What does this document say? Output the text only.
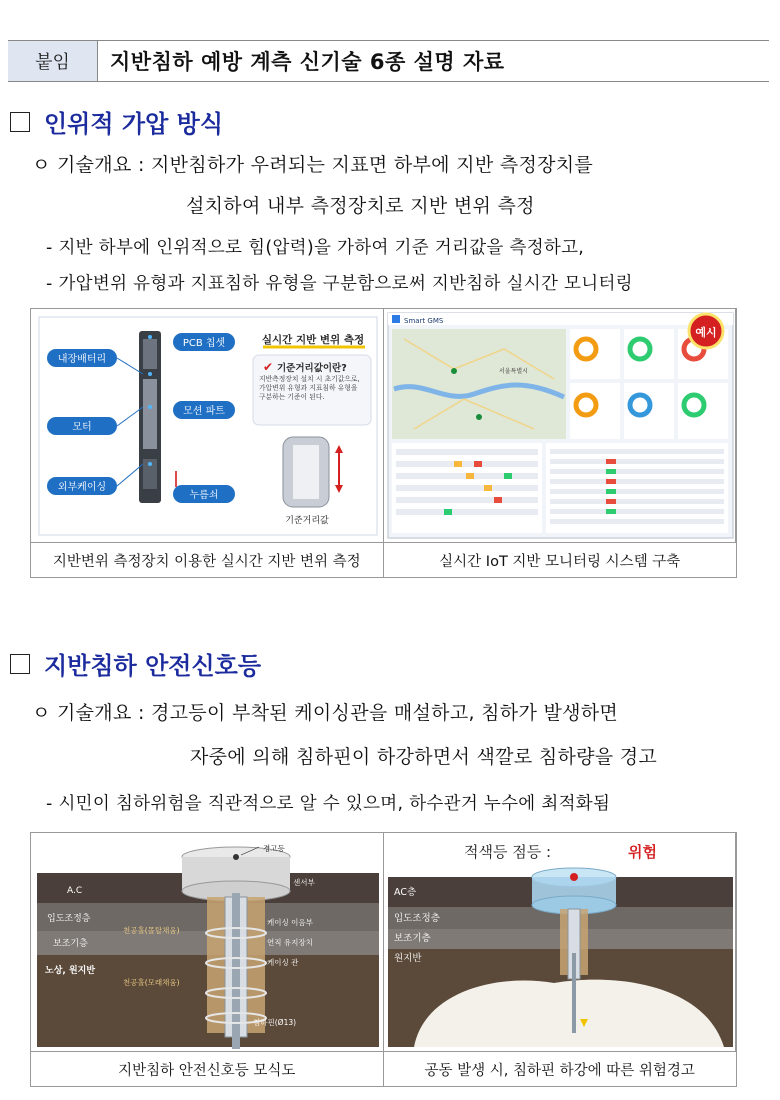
붙임	지반침하 예방 계측 신기술 6종 설명 자료
인위적 가압 방식
ㅇ 기술개요 : 지반침하가 우려되는 지표면 하부에 지반 측정장치를
설치하여 내부 측정장치로 지반 변위 측정
- 지반 하부에 인위적으로 힘(압력)을 가하여 기준 거리값을 측정하고,
- 가압변위 유형과 지표침하 유형을 구분함으로써 지반침하 실시간 모니터링
내장배터리
모터
외부케이싱
PCB 칩셋
모션 파트
누름쇠
실시간 지반 변위 측정
✔ 기준거리값이란?
지반측정장치 설치 시 초기값으로, 가압변위 유형과 지표침하 유형을 구분하는 기준이 된다.
기준거리값
Smart GMS
서울특별시
예시
지반변위 측정장치 이용한 실시간 지반 변위 측정	실시간 IoT 지반 모니터링 시스템 구축
지반침하 안전신호등
ㅇ 기술개요 : 경고등이 부착된 케이싱관을 매설하고, 침하가 발생하면
자중에 의해 침하핀이 하강하면서 색깔로 침하량을 경고
- 시민이 침하위험을 직관적으로 알 수 있으며, 하수관거 누수에 최적화됨
A.C
입도조정층
보조기층
노상, 원지반
경고등
센서부
케이싱 이음부
연직 유지장치
케이싱 관
천공홀(몰탈채움)
천공홀(모래채움)
침하핀(Ø13)
적색등 점등 :	위험
AC층
입도조정층
보조기층
원지반
지반침하 안전신호등 모식도	공동 발생 시, 침하핀 하강에 따른 위험경고
